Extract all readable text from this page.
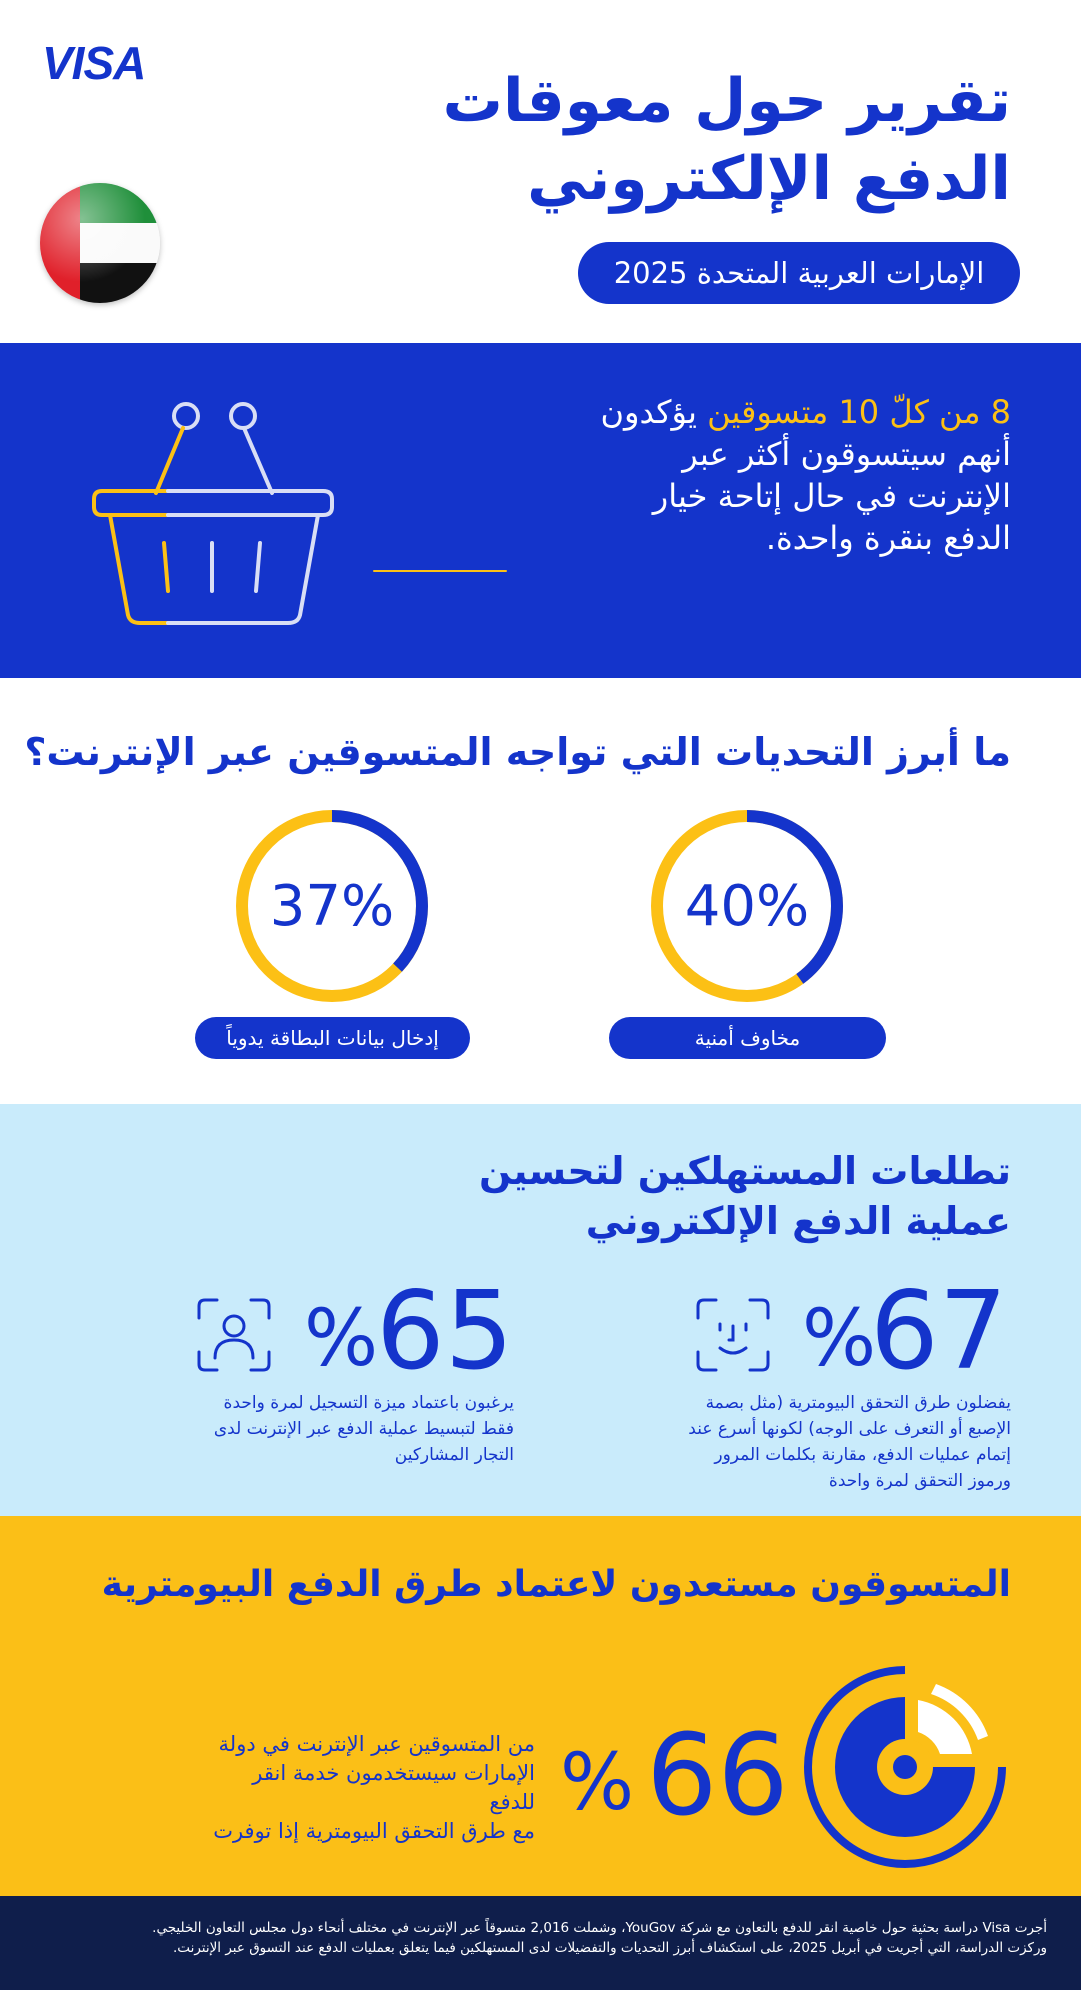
VISA
تقرير حول معوقات
الدفع الإلكتروني
الإمارات العربية المتحدة 2025
8 من كلّ 10 متسوقين يؤكدون
أنهم سيتسوقون أكثر عبر
الإنترنت في حال إتاحة خيار
الدفع بنقرة واحدة.
ما أبرز التحديات التي تواجه المتسوقين عبر الإنترنت؟
40%
مخاوف أمنية
37%
إدخال بيانات البطاقة يدوياً
تطلعات المستهلكين لتحسين
عملية الدفع الإلكتروني
%
67
يفضلون طرق التحقق البيومترية (مثل بصمة
الإصبع أو التعرف على الوجه) لكونها أسرع عند
إتمام عمليات الدفع، مقارنة بكلمات المرور
ورموز التحقق لمرة واحدة
%
65
يرغبون باعتماد ميزة التسجيل لمرة واحدة
فقط لتبسيط عملية الدفع عبر الإنترنت لدى
التجار المشاركين
المتسوقون مستعدون لاعتماد طرق الدفع البيومترية
% 66
من المتسوقين عبر الإنترنت في دولة
الإمارات سيستخدمون خدمة انقر للدفع
مع طرق التحقق البيومترية إذا توفرت
أجرت Visa دراسة بحثية حول خاصية انقر للدفع بالتعاون مع شركة YouGov، وشملت 2,016 متسوقاً عبر الإنترنت في مختلف أنحاء دول مجلس التعاون الخليجي.
وركزت الدراسة، التي أجريت في أبريل 2025، على استكشاف أبرز التحديات والتفضيلات لدى المستهلكين فيما يتعلق بعمليات الدفع عند التسوق عبر الإنترنت.
